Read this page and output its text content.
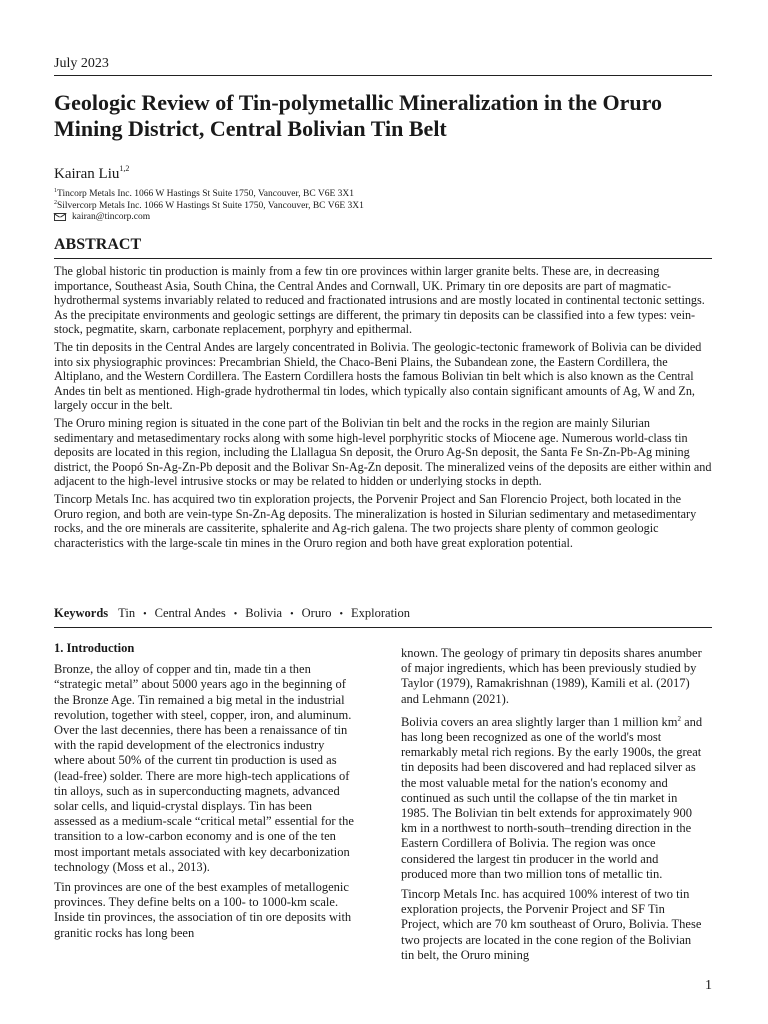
July 2023
Geologic Review of Tin-polymetallic Mineralization in the Oruro Mining District, Central Bolivian Tin Belt
Kairan Liu$^{1,2}$
$^1$Tincorp Metals Inc. 1066 W Hastings St Suite 1750, Vancouver, BC V6E 3X1
$^2$Silvercorp Metals Inc. 1066 W Hastings St Suite 1750, Vancouver, BC V6E 3X1
kairan@tincorp.com
ABSTRACT

The global historic tin production is mainly from a few tin ore provinces within larger granite belts. These are, in decreasing importance, Southeast Asia, South China, the Central Andes and Cornwall, UK. Primary tin ore deposits are part of magmatic-hydrothermal systems invariably related to reduced and fractionated intrusions and are mostly located in continental tectonic settings. As the precipitate environments and geologic settings are different, the primary tin deposits can be classified into a few types: vein-stock, pegmatite, skarn, carbonate replacement, porphyry and epithermal.

The tin deposits in the Central Andes are largely concentrated in Bolivia. The geologic-tectonic framework of Bolivia can be divided into six physiographic provinces: Precambrian Shield, the Chaco-Beni Plains, the Subandean zone, the Eastern Cordillera, the Altiplano, and the Western Cordillera. The Eastern Cordillera hosts the famous Bolivian tin belt which is also known as the Central Andes tin belt as mentioned. High-grade hydrothermal tin lodes, which typically also contain significant amounts of Ag, W and Zn, largely occur in the belt.

The Oruro mining region is situated in the cone part of the Bolivian tin belt and the rocks in the region are mainly Silurian sedimentary and metasedimentary rocks along with some high-level porphyritic stocks of Miocene age. Numerous world-class tin deposits are located in this region, including the Llallagua Sn deposit, the Oruro Ag-Sn deposit, the Santa Fe Sn-Zn-Pb-Ag mining district, the Poopó Sn-Ag-Zn-Pb deposit and the Bolivar Sn-Ag-Zn deposit. The mineralized veins of the deposits are either within and adjacent to the high-level intrusive stocks or may be related to hidden or underlying stocks in depth.

Tincorp Metals Inc. has acquired two tin exploration projects, the Porvenir Project and San Florencio Project, both located in the Oruro region, and both are vein-type Sn-Zn-Ag deposits. The mineralization is hosted in Silurian sedimentary and metasedimentary rocks, and the ore minerals are cassiterite, sphalerite and Ag-rich galena. The two projects share plenty of common geologic characteristics with the large-scale tin mines in the Oruro region and both have great exploration potential.

Keywords Tin • Central Andes • Bolivia • Oruro • Exploration
1. Introduction

Bronze, the alloy of copper and tin, made tin a then “strategic metal” about 5000 years ago in the beginning of the Bronze Age. Tin remained a big metal in the industrial revolution, together with steel, copper, iron, and aluminum. Over the last decennies, there has been a renaissance of tin with the rapid development of the electronics industry where about 50% of the current tin production is used as (lead-free) solder. There are more high-tech applications of tin alloys, such as in superconducting magnets, advanced solar cells, and liquid-crystal displays. Tin has been assessed as a medium-scale “critical metal” essential for the transition to a low-carbon economy and is one of the ten most important metals associated with key decarbonization technology (Moss et al., 2013).

Tin provinces are one of the best examples of metallogenic provinces. They define belts on a 100- to 1000-km scale. Inside tin provinces, the association of tin ore deposits with granitic rocks has long been

known. The geology of primary tin deposits shares anumber of major ingredients, which has been previously studied by Taylor (1979), Ramakrishnan (1989), Kamili et al. (2017) and Lehmann (2021).

Bolivia covers an area slightly larger than 1 million $km^2$ and has long been recognized as one of the world's most remarkably metal rich regions. By the early 1900s, the great tin deposits had been discovered and had replaced silver as the most valuable metal for the nation's economy and continued as such until the collapse of the tin market in 1985. The Bolivian tin belt extends for approximately 900 km in a northwest to north-south–trending direction in the Eastern Cordillera of Bolivia. The region was once considered the largest tin producer in the world and produced more than two million tons of metallic tin.

Tincorp Metals Inc. has acquired 100% interest of two tin exploration projects, the Porvenir Project and SF Tin Project, which are 70 km southeast of Oruro, Bolivia. These two projects are located in the cone region of the Bolivian tin belt, the Oruro mining

1
